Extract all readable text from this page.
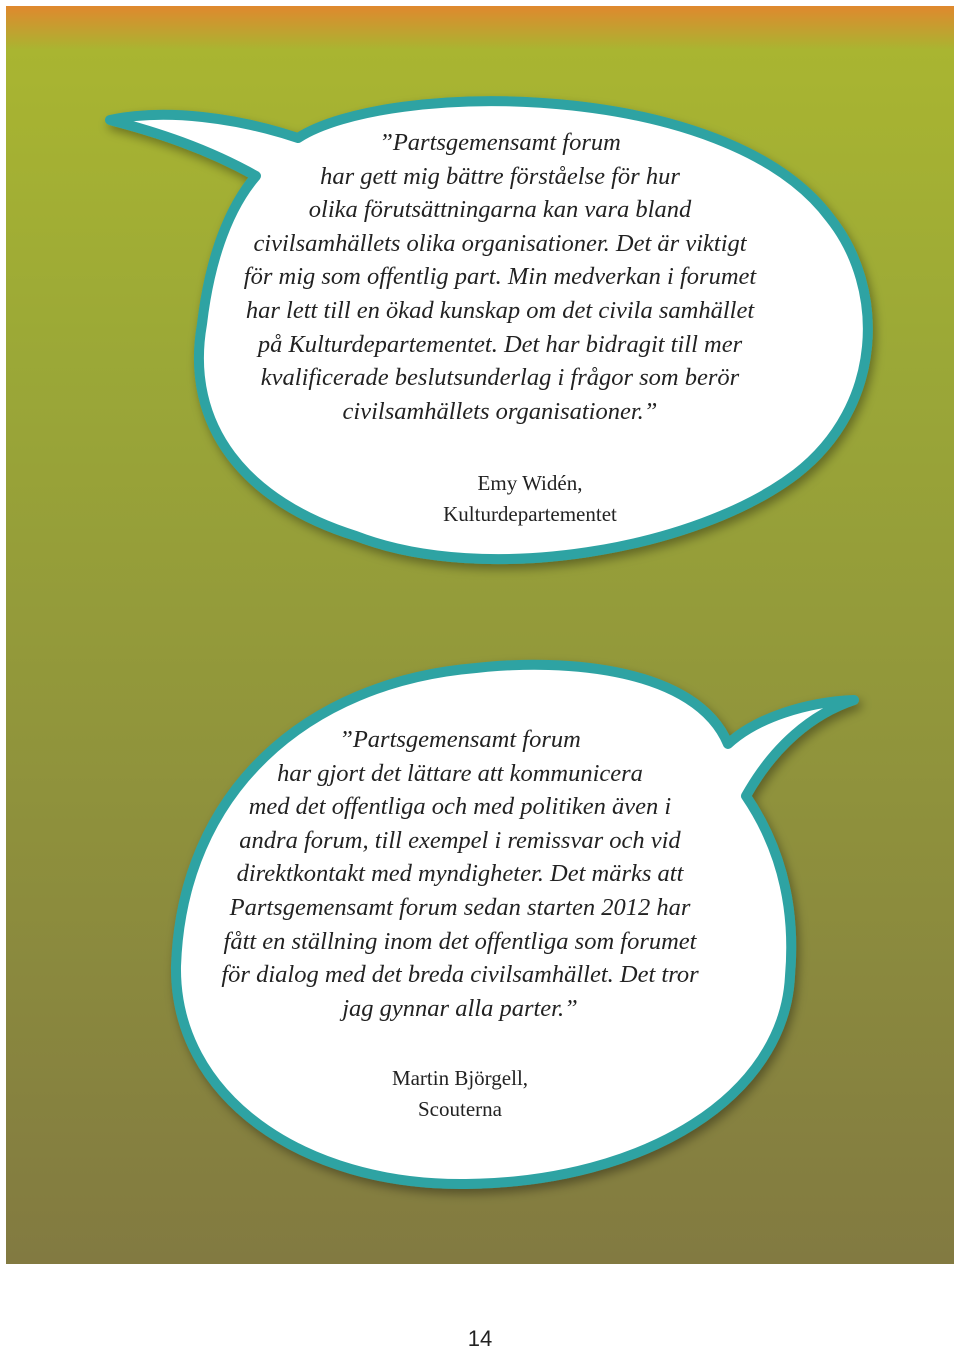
”Partsgemensamt forum
har gett mig bättre förståelse för hur
olika förutsättningarna kan vara bland
civilsamhällets olika organisationer. Det är viktigt
för mig som offentlig part. Min medverkan i forumet
har lett till en ökad kunskap om det civila samhället
på Kulturdepartementet. Det har bidragit till mer
kvalificerade beslutsunderlag i frågor som berör
civilsamhällets organisationer.”
Emy Widén,
Kulturdepartementet
”Partsgemensamt forum
har gjort det lättare att kommunicera
med det offentliga och med politiken även i
andra forum, till exempel i remissvar och vid
direktkontakt med myndigheter. Det märks att
Partsgemensamt forum sedan starten 2012 har
fått en ställning inom det offentliga som forumet
för dialog med det breda civilsamhället. Det tror
jag gynnar alla parter.”
Martin Björgell,
Scouterna
14
